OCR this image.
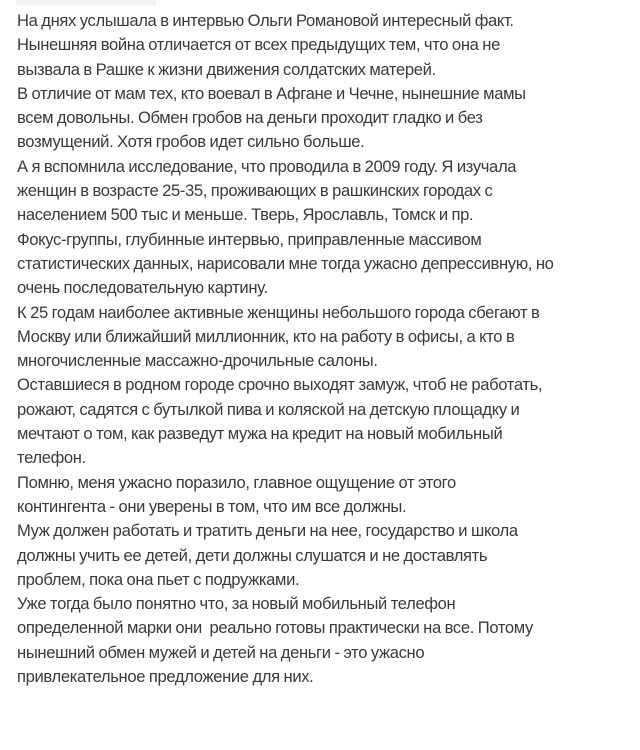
На днях услышала в интервью Ольги Романовой интересный факт.
Нынешняя война отличается от всех предыдущих тем, что она не
вызвала в Рашке к жизни движения солдатских матерей.
В отличие от мам тех, кто воевал в Афгане и Чечне, нынешние мамы
всем довольны. Обмен гробов на деньги проходит гладко и без
возмущений. Хотя гробов идет сильно больше.
А я вспомнила исследование, что проводила в 2009 году. Я изучала
женщин в возрасте 25-35, проживающих в рашкинских городах с
населением 500 тыс и меньше. Тверь, Ярославль, Томск и пр.
Фокус-группы, глубинные интервью, приправленные массивом
статистических данных, нарисовали мне тогда ужасно депрессивную, но
очень последовательную картину.
К 25 годам наиболее активные женщины небольшого города сбегают в
Москву или ближайший миллионник, кто на работу в офисы, а кто в
многочисленные массажно-дрочильные салоны.
Оставшиеся в родном городе срочно выходят замуж, чтоб не работать,
рожают, садятся с бутылкой пива и коляской на детскую площадку и
мечтают о том, как разведут мужа на кредит на новый мобильный
телефон.
Помню, меня ужасно поразило, главное ощущение от этого
контингента - они уверены в том, что им все должны.
Муж должен работать и тратить деньги на нее, государство и школа
должны учить ее детей, дети должны слушатся и не доставлять
проблем, пока она пьет с подружками.
Уже тогда было понятно что, за новый мобильный телефон
определенной марки они  реально готовы практически на все. Потому
нынешний обмен мужей и детей на деньги - это ужасно
привлекательное предложение для них.
